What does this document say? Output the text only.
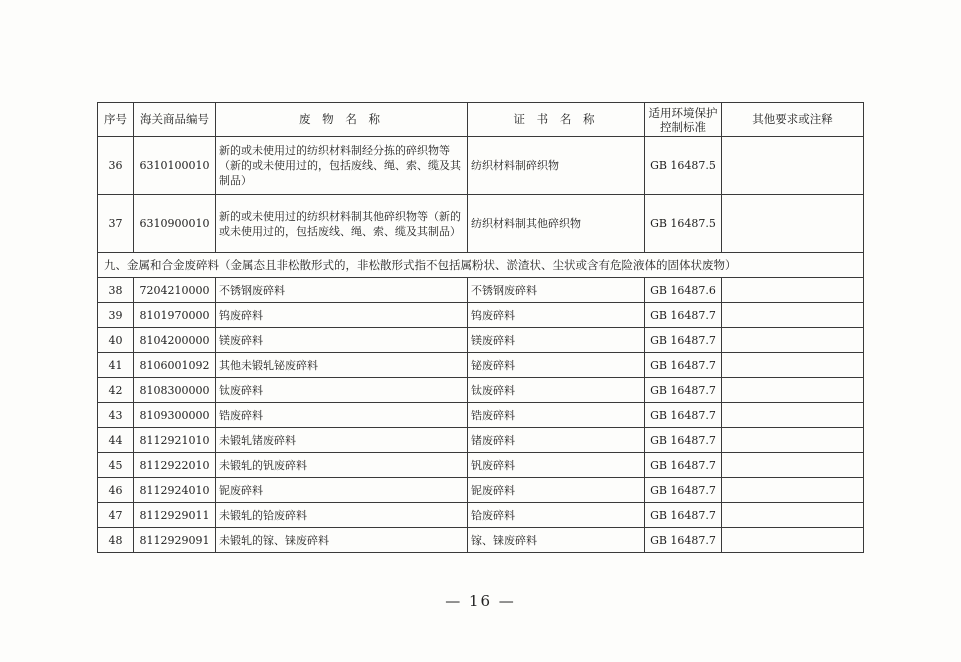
序号	海关商品编号	废 物 名 称	证 书 名 称	适用环境保护控制标准	其他要求或注释
36	6310100010	新的或未使用过的纺织材料制经分拣的碎织物等（新的或未使用过的，包括废线、绳、索、缆及其制品）	纺织材料制碎织物	GB 16487.5	
37	6310900010	新的或未使用过的纺织材料制其他碎织物等（新的或未使用过的，包括废线、绳、索、缆及其制品）	纺织材料制其他碎织物	GB 16487.5	
九、金属和合金废碎料（金属态且非松散形式的，非松散形式指不包括属粉状、淤渣状、尘状或含有危险液体的固体状废物）					
38	7204210000	不锈钢废碎料	不锈钢废碎料	GB 16487.6	
39	8101970000	钨废碎料	钨废碎料	GB 16487.7	
40	8104200000	镁废碎料	镁废碎料	GB 16487.7	
41	8106001092	其他未锻轧铋废碎料	铋废碎料	GB 16487.7	
42	8108300000	钛废碎料	钛废碎料	GB 16487.7	
43	8109300000	锆废碎料	锆废碎料	GB 16487.7	
44	8112921010	未锻轧锗废碎料	锗废碎料	GB 16487.7	
45	8112922010	未锻轧的钒废碎料	钒废碎料	GB 16487.7	
46	8112924010	铌废碎料	铌废碎料	GB 16487.7	
47	8112929011	未锻轧的铪废碎料	铪废碎料	GB 16487.7	
48	8112929091	未锻轧的镓、铼废碎料	镓、铼废碎料	GB 16487.7	
— 16 —
